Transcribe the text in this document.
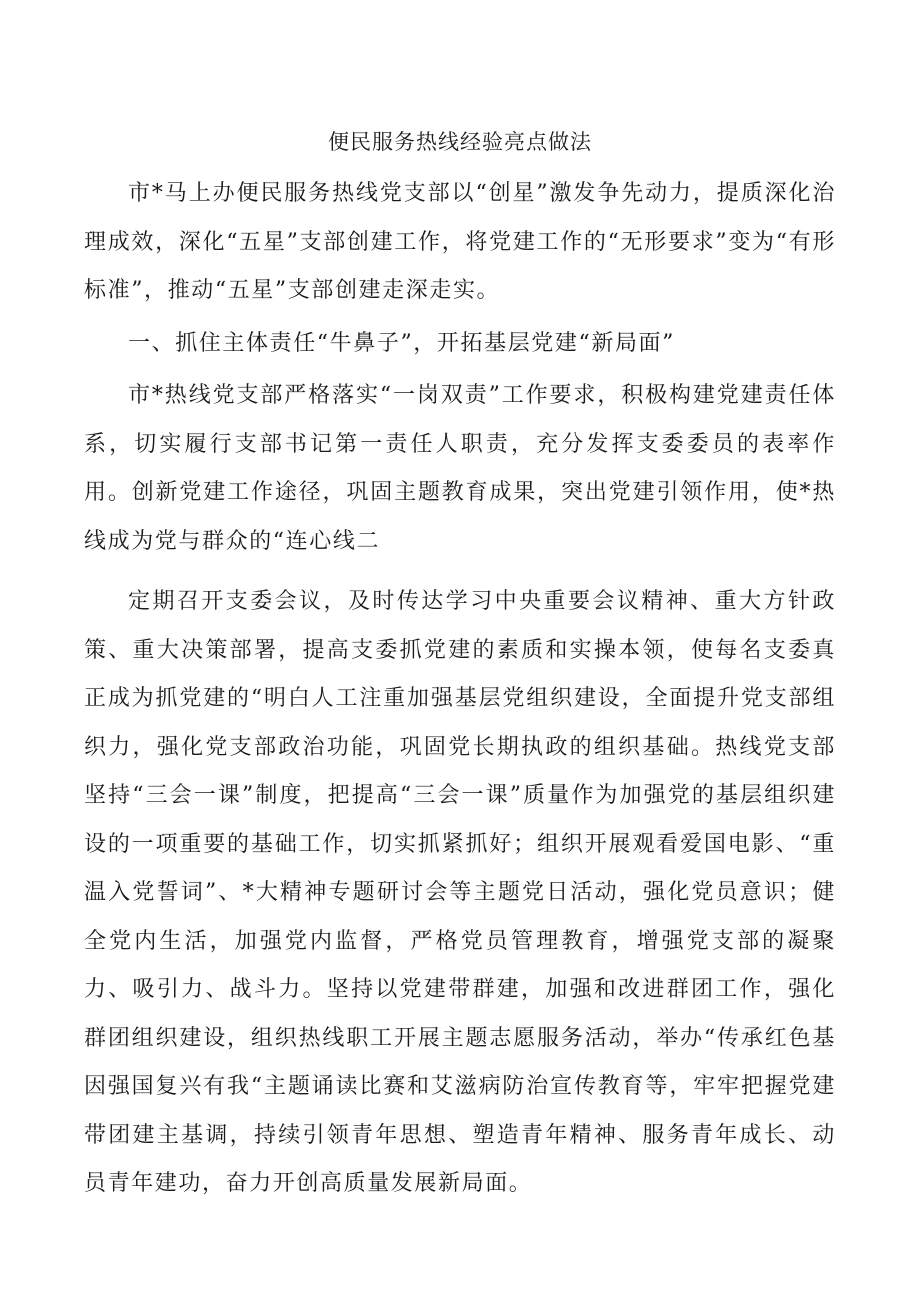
便民服务热线经验亮点做法

市*马上办便民服务热线党支部以“创星”激发争先动力，提质深化治理成效，深化“五星”支部创建工作，将党建工作的“无形要求”变为“有形标准”，推动“五星”支部创建走深走实。

一、抓住主体责任“牛鼻子”，开拓基层党建“新局面”

市*热线党支部严格落实“一岗双责”工作要求，积极构建党建责任体系，切实履行支部书记第一责任人职责，充分发挥支委委员的表率作用。创新党建工作途径，巩固主题教育成果，突出党建引领作用，使*热线成为党与群众的“连心线二

定期召开支委会议，及时传达学习中央重要会议精神、重大方针政策、重大决策部署，提高支委抓党建的素质和实操本领，使每名支委真正成为抓党建的“明白人工注重加强基层党组织建设，全面提升党支部组织力，强化党支部政治功能，巩固党长期执政的组织基础。热线党支部坚持“三会一课”制度，把提高“三会一课”质量作为加强党的基层组织建设的一项重要的基础工作，切实抓紧抓好；组织开展观看爱国电影、“重温入党誓词”、*大精神专题研讨会等主题党日活动，强化党员意识；健全党内生活，加强党内监督，严格党员管理教育，增强党支部的凝聚力、吸引力、战斗力。坚持以党建带群建，加强和改进群团工作，强化群团组织建设，组织热线职工开展主题志愿服务活动，举办“传承红色基因强国复兴有我“主题诵读比赛和艾滋病防治宣传教育等，牢牢把握党建带团建主基调，持续引领青年思想、塑造青年精神、服务青年成长、动员青年建功，奋力开创高质量发展新局面。
